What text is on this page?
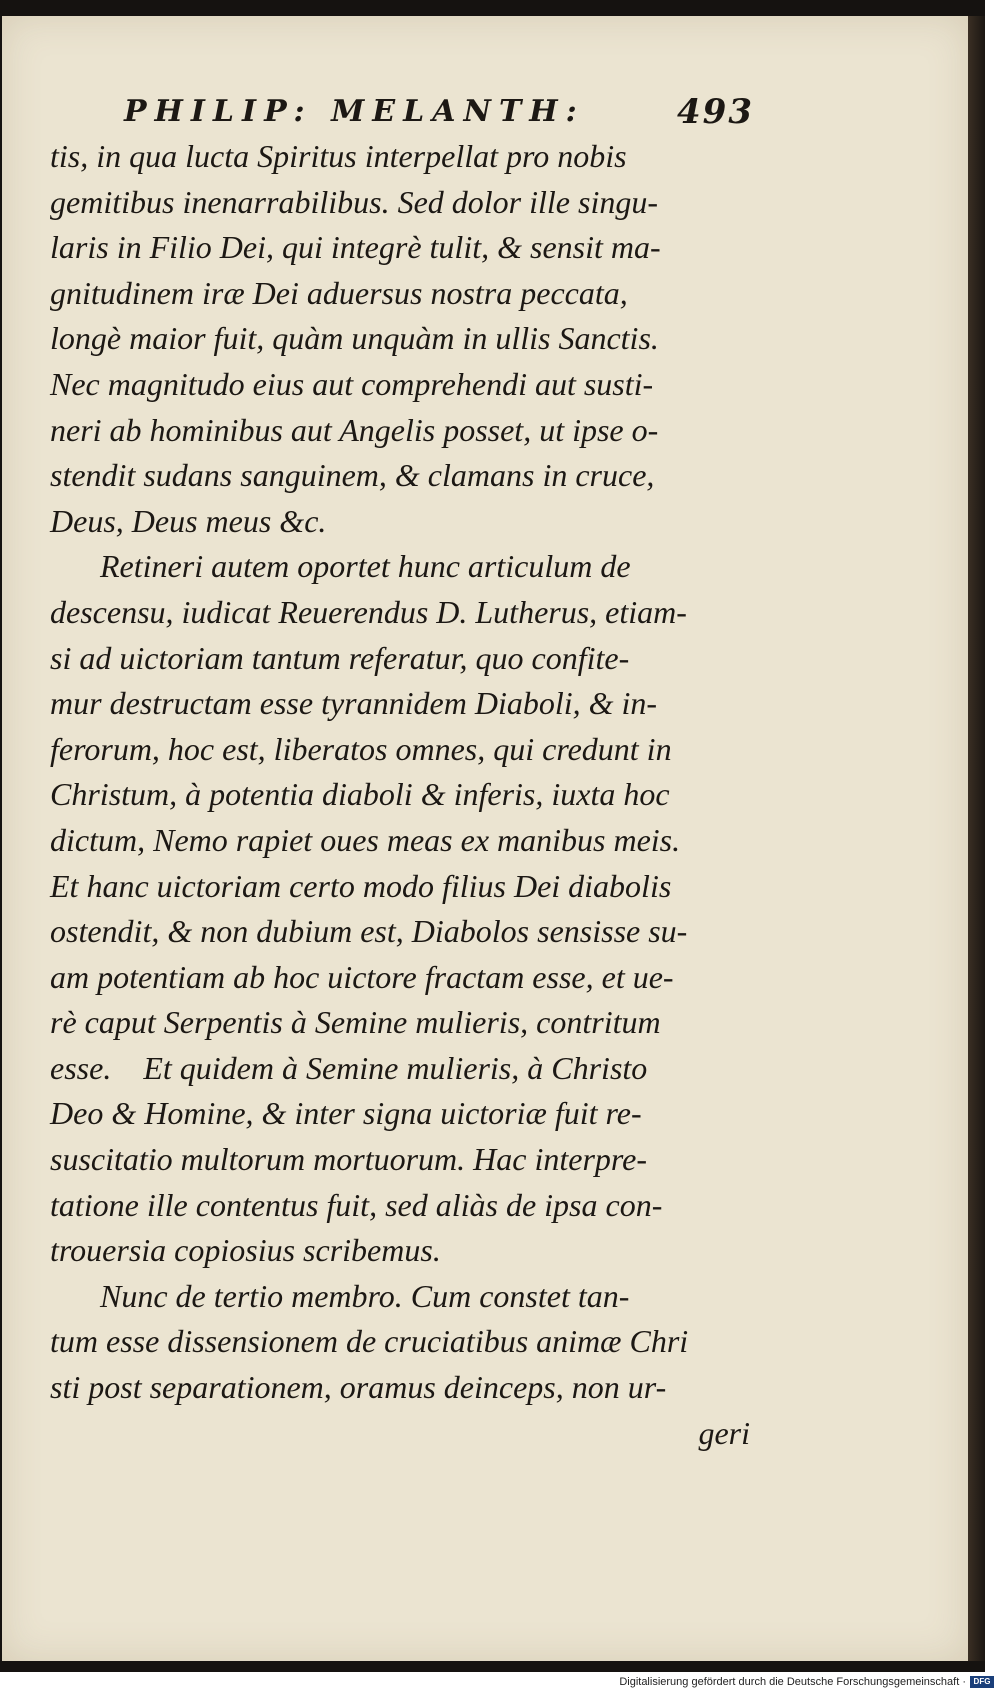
PHILIP: MELANTH:	493
tis, in qua lucta Spiritus interpellat pro nobis
gemitibus inenarrabilibus. Sed dolor ille singu-
laris in Filio Dei, qui integrè tulit, & sensit ma-
gnitudinem iræ Dei aduersus nostra peccata,
longè maior fuit, quàm unquàm in ullis Sanctis.
Nec magnitudo eius aut comprehendi aut susti-
neri ab hominibus aut Angelis posset, ut ipse o-
stendit sudans sanguinem, & clamans in cruce,
Deus, Deus meus &c.
Retineri autem oportet hunc articulum de
descensu, iudicat Reuerendus D. Lutherus, etiam-
si ad uictoriam tantum referatur, quo confite-
mur destructam esse tyrannidem Diaboli, & in-
ferorum, hoc est, liberatos omnes, qui credunt in
Christum, à potentia diaboli & inferis, iuxta hoc
dictum, Nemo rapiet oues meas ex manibus meis.
Et hanc uictoriam certo modo filius Dei diabolis
ostendit, & non dubium est, Diabolos sensisse su-
am potentiam ab hoc uictore fractam esse, et ue-
rè caput Serpentis à Semine mulieris, contritum
esse.    Et quidem à Semine mulieris, à Christo
Deo & Homine, & inter signa uictoriæ fuit re-
suscitatio multorum mortuorum. Hac interpre-
tatione ille contentus fuit, sed aliàs de ipsa con-
trouersia copiosius scribemus.
Nunc de tertio membro. Cum constet tan-
tum esse dissensionem de cruciatibus animæ Chri
sti post separationem, oramus deinceps, non ur-
geri
Digitalisierung gefördert durch die Deutsche Forschungsgemeinschaft · DFG
